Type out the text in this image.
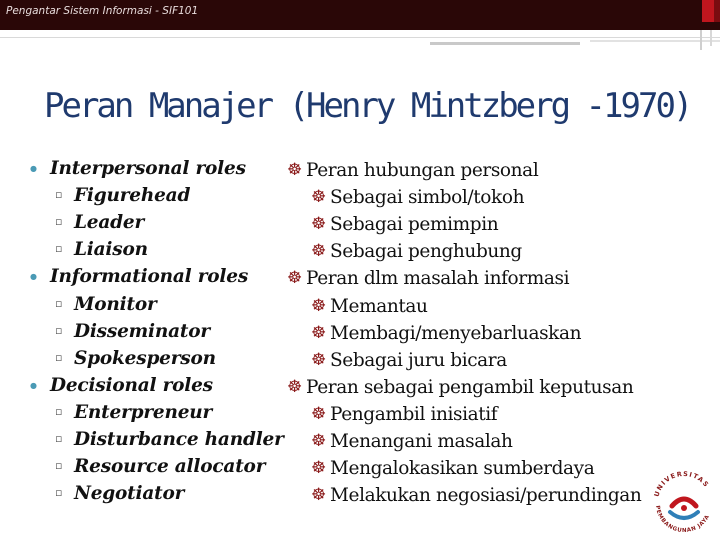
Pengantar Sistem Informasi - SIF101
Peran Manajer (Henry Mintzberg -1970)
● Interpersonal roles
▫ Figurehead
▫ Leader
▫ Liaison
● Informational roles
▫ Monitor
▫ Disseminator
▫ Spokesperson
● Decisional roles
▫ Enterpreneur
▫ Disturbance handler
▫ Resource allocator
▫ Negotiator
☸ Peran hubungan personal
☸ Sebagai simbol/tokoh
☸ Sebagai pemimpin
☸ Sebagai penghubung
☸ Peran dlm masalah informasi
☸ Memantau
☸ Membagi/menyebarluaskan
☸ Sebagai juru bicara
☸ Peran sebagai pengambil keputusan
☸ Pengambil inisiatif
☸ Menangani masalah
☸ Mengalokasikan sumberdaya
☸ Melakukan negosiasi/perundingan UNIVERSITAS
PEMBANGUNAN JAYA
